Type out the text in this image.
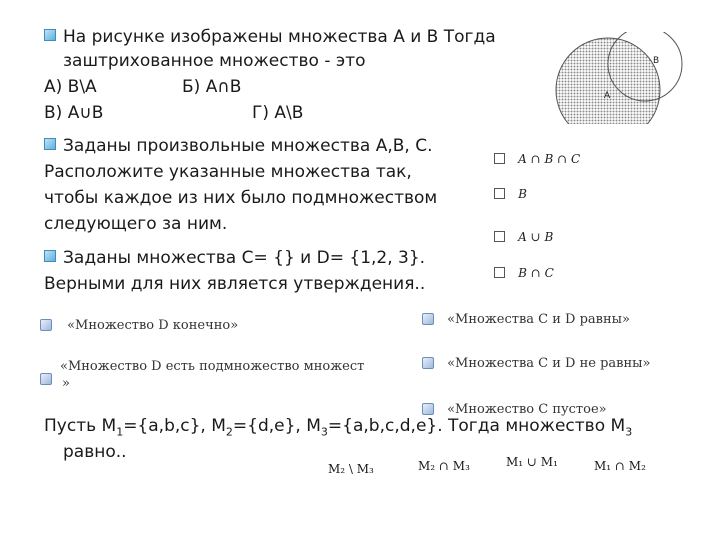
На рисунке изображены множества А и В Тогда
заштрихованное множество - это
А) В\А	Б) А∩В
В) А∪В	Г) А\В
A
B
Заданы произвольные множества А,В, С.
Расположите указанные множества так,
чтобы каждое из них было подмножеством
следующего за ним.
A ∩ B ∩ C
B
A ∪ B
B ∩ C
Заданы множества С= {} и D= {1,2, 3}.
Верными для них является утверждения..
«Множество D конечно»
«Множество D есть подмножество множест
»
«Множества C и D равны»
«Множества C и D не равны»
«Множество C пустое»
Пусть $М_1=\{a,b,c\}$, $М_2=\{d,e\}$, $М_3=\{a,b,c,d,e\}$. Тогда множество $М_3$
равно..
M₂ \ M₃	M₂ ∩ M₃	M₁ ∪ M₁	M₁ ∩ M₂
